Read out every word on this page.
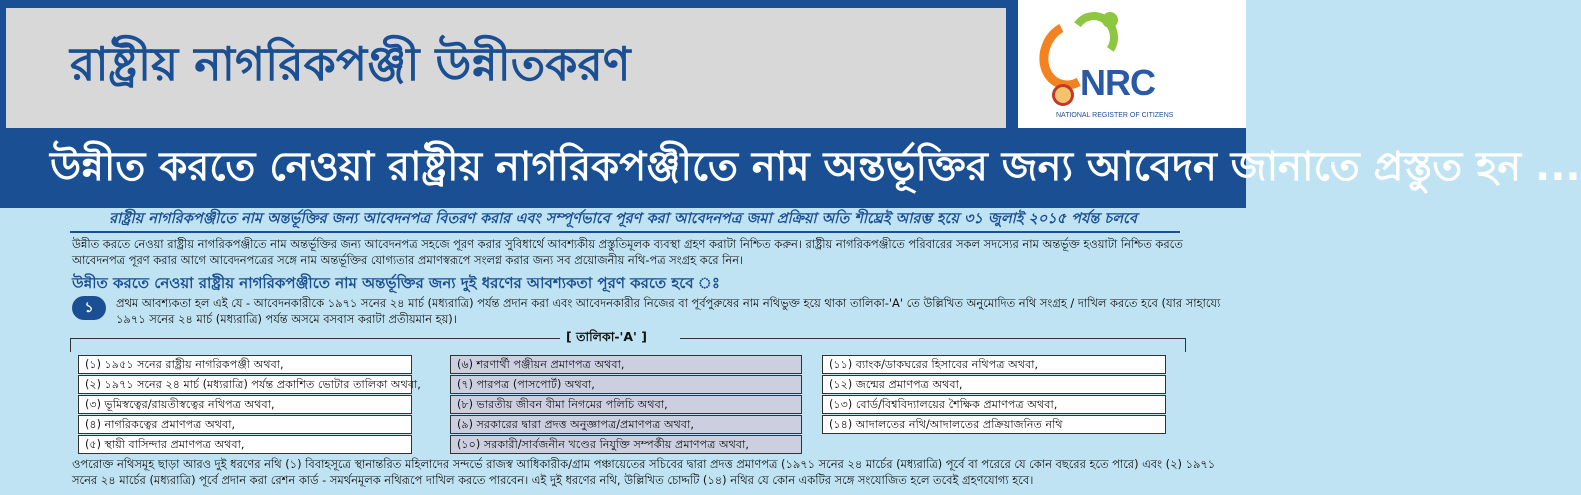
রাষ্ট্রীয় নাগরিকপঞ্জী উন্নীতকরণ	NRC
NATIONAL REGISTER OF CITIZENS
উন্নীত করতে নেওয়া রাষ্ট্রীয় নাগরিকপঞ্জীতে নাম অন্তর্ভূক্তির জন্য আবেদন জানাতে প্রস্তুত হন ...
রাষ্ট্রীয় নাগরিকপঞ্জীতে নাম অন্তর্ভূক্তির জন্য আবেদনপত্র বিতরণ করার এবং সম্পূর্ণভাবে পূরণ করা আবেদনপত্র জমা প্রক্রিয়া অতি শীঘ্রেই আরম্ভ হয়ে ৩১ জুলাই ২০১৫ পর্যন্ত চলবে
উন্নীত করতে নেওয়া রাষ্ট্রীয় নাগরিকপঞ্জীতে নাম অন্তর্ভূক্তির জন্য আবেদনপত্র সহজে পূরণ করার সুবিধার্থে আবশ্যকীয় প্রস্তুতিমূলক ব্যবস্থা গ্রহণ করাটা নিশ্চিত করুন। রাষ্ট্রীয় নাগরিকপঞ্জীতে পরিবারের সকল সদস্যের নাম অন্তর্ভূক্ত হওয়াটা নিশ্চিত করতে আবেদনপত্র পূরণ করার আগে আবেদনপত্রের সঙ্গে নাম অন্তর্ভূক্তির যোগ্যতার প্রমাণস্বরূপে সংলগ্ন করার জন্য সব প্রয়োজনীয় নথি-পত্র সংগ্রহ করে নিন।
উন্নীত করতে নেওয়া রাষ্ট্রীয় নাগরিকপঞ্জীতে নাম অন্তর্ভূক্তির জন্য দুই ধরণের আবশ্যকতা পূরণ করতে হবে ঃ
১	প্রথম আবশ্যকতা হল এই যে - আবেদনকারীকে ১৯৭১ সনের ২৪ মার্চ (মধ্যরাত্রি) পর্যন্ত প্রদান করা এবং আবেদনকারীর নিজের বা পূর্বপুরুষের নাম নথিভুক্ত হয়ে থাকা তালিকা-'A' তে উল্লিখিত অনুমোদিত নথি সংগ্রহ / দাখিল করতে হবে (যার সাহায্যে ১৯৭১ সনের ২৪ মার্চ (মধ্যরাত্রি) পর্যন্ত অসমে বসবাস করাটা প্রতীয়মান হয়)।
[ তালিকা-'A' ]
(১) ১৯৫১ সনের রাষ্ট্রীয় নাগরিকপঞ্জী অথবা,
(২) ১৯৭১ সনের ২৪ মার্চ (মধ্যরাত্রি) পর্যন্ত প্রকাশিত ভোটার তালিকা অথবা,
(৩) ভূমিস্বত্বের/রায়তীস্বত্বের নথিপত্র অথবা,
(৪) নাগরিকত্বের প্রমাণপত্র অথবা,
(৫) স্থায়ী বাসিন্দার প্রমাণপত্র অথবা,
(৬) শরণার্থী পঞ্জীয়ন প্রমাণপত্র অথবা,
(৭) পারপত্র (পাসপোর্ট) অথবা,
(৮) ভারতীয় জীবন বীমা নিগমের পলিচি অথবা,
(৯) সরকারের দ্বারা প্রদত্ত অনুজ্ঞাপত্র/প্রমাণপত্র অথবা,
(১০) সরকারী/সার্বজনীন খণ্ডের নিযুক্তি সম্পৰ্কীয় প্রমাণপত্র অথবা,
(১১) ব্যাংক/ডাকঘরের হিসাবের নথিপত্র অথবা,
(১২) জন্মের প্রমাণপত্র অথবা,
(১৩) বোর্ড/বিশ্ববিদ্যালয়ের শৈক্ষিক প্রমাণপত্র অথবা,
(১৪) আদালতের নথি/আদালতের প্রক্রিয়াজনিত নথি
ওপরোক্ত নথিসমূহ ছাড়া আরও দুই ধরণের নথি (১) বিবাহসূত্রে স্থানান্তরিত মহিলাদের সন্দর্ভে রাজস্ব আধিকারীক/গ্রাম পঞ্চায়েতের সচিবের দ্বারা প্রদত্ত প্রমাণপত্র (১৯৭১ সনের ২৪ মার্চের (মধ্যরাত্রি) পূর্বে বা পরেরে যে কোন বছরের হতে পারে) এবং (২) ১৯৭১ সনের ২৪ মার্চের (মধ্যরাত্রি) পূর্বে প্রদান করা রেশন কার্ড - সমর্থনমূলক নথিরূপে দাখিল করতে পারবেন। এই দুই ধরণের নথি, উল্লিখিত চোদ্দটি (১৪) নথির যে কোন একটির সঙ্গে সংযোজিত হলে তবেই গ্রহণযোগ্য হবে।
